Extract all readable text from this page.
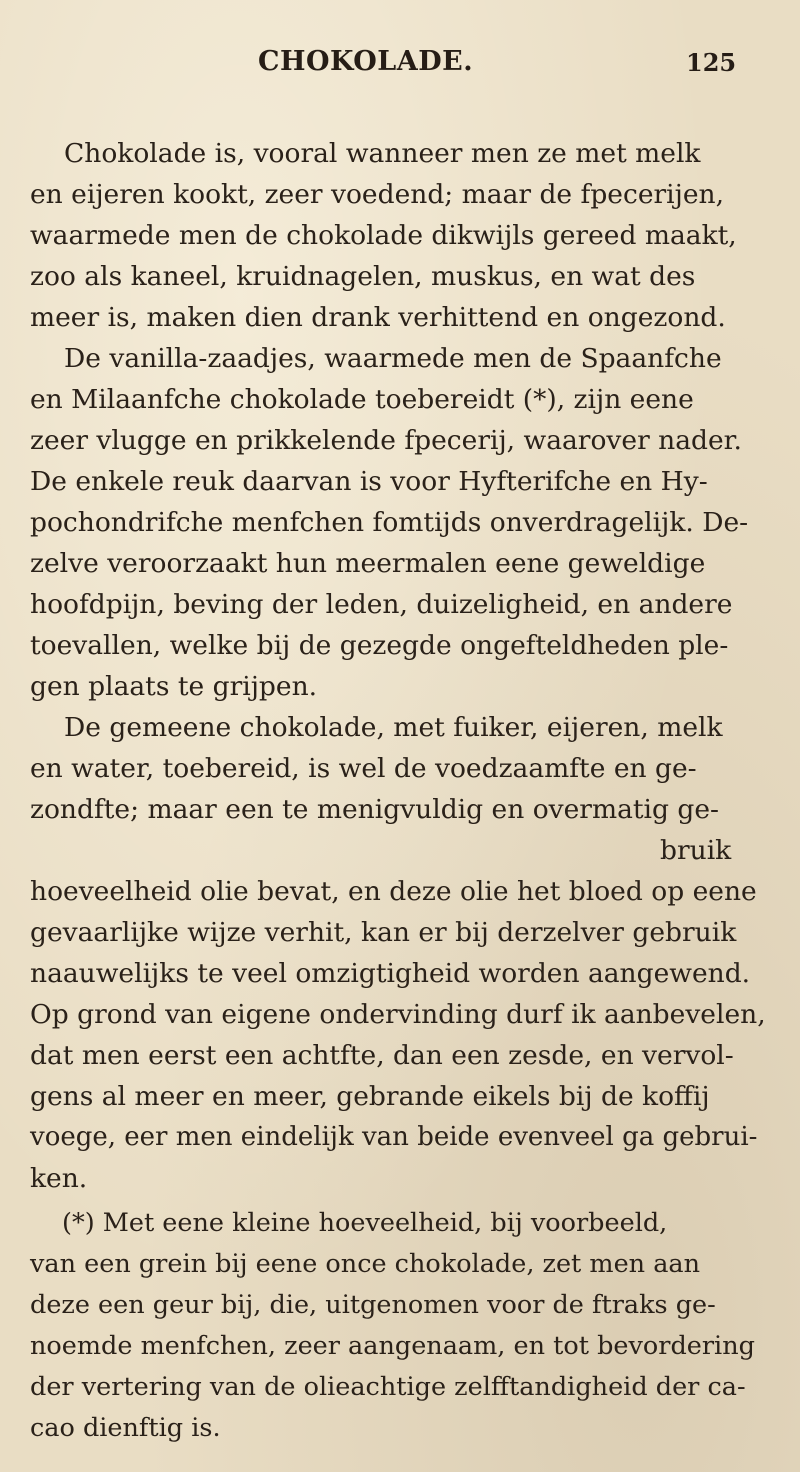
CHOKOLADE.	125
Chokolade is, vooral wanneer men ze met melk
en eijeren kookt, zeer voedend; maar de fpecerijen,
waarmede men de chokolade dikwijls gereed maakt,
zoo als kaneel, kruidnagelen, muskus, en wat des
meer is, maken dien drank verhittend en ongezond.
De vanilla-zaadjes, waarmede men de Spaanfche
en Milaanfche chokolade toebereidt (*), zijn eene
zeer vlugge en prikkelende fpecerij, waarover nader.
De enkele reuk daarvan is voor Hyfterifche en Hy-
pochondrifche menfchen fomtijds onverdragelijk. De-
zelve veroorzaakt hun meermalen eene geweldige
hoofdpijn, beving der leden, duizeligheid, en andere
toevallen, welke bij de gezegde ongefteldheden ple-
gen plaats te grijpen.
De gemeene chokolade, met fuiker, eijeren, melk
en water, toebereid, is wel de voedzaamfte en ge-
zondfte; maar een te menigvuldig en overmatig ge-
bruik
hoeveelheid olie bevat, en deze olie het bloed op eene
gevaarlijke wijze verhit, kan er bij derzelver gebruik
naauwelijks te veel omzigtigheid worden aangewend.
Op grond van eigene ondervinding durf ik aanbevelen,
dat men eerst een achtfte, dan een zesde, en vervol-
gens al meer en meer, gebrande eikels bij de koffij
voege, eer men eindelijk van beide evenveel ga gebrui-
ken.
(*) Met eene kleine hoeveelheid, bij voorbeeld,
van een grein bij eene once chokolade, zet men aan
deze een geur bij, die, uitgenomen voor de ftraks ge-
noemde menfchen, zeer aangenaam, en tot bevordering
der vertering van de olieachtige zelfftandigheid der ca-
cao dienftig is.
